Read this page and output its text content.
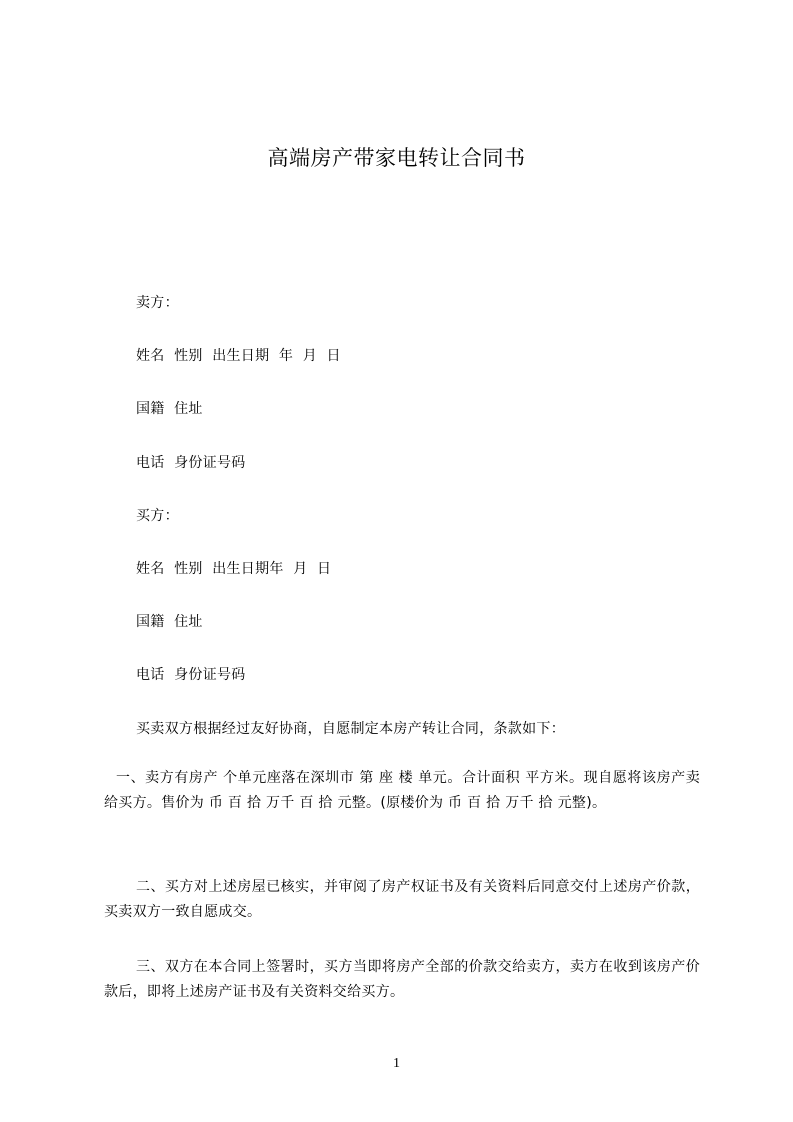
高端房产带家电转让合同书
卖方：
姓名  性别  出生日期  年  月  日
国籍  住址
电话  身份证号码
买方：
姓名  性别  出生日期年  月  日
国籍  住址
电话  身份证号码
买卖双方根据经过友好协商，自愿制定本房产转让合同，条款如下：
一、卖方有房产 个单元座落在深圳市 第 座 楼 单元。合计面积 平方米。现自愿将该房产卖给买方。售价为 币 百 拾 万千 百 拾 元整。(原楼价为 币 百 拾 万千 拾 元整)。
二、买方对上述房屋已核实，并审阅了房产权证书及有关资料后同意交付上述房产价款，买卖双方一致自愿成交。
三、双方在本合同上签署时，买方当即将房产全部的价款交给卖方，卖方在收到该房产价款后，即将上述房产证书及有关资料交给买方。
1
